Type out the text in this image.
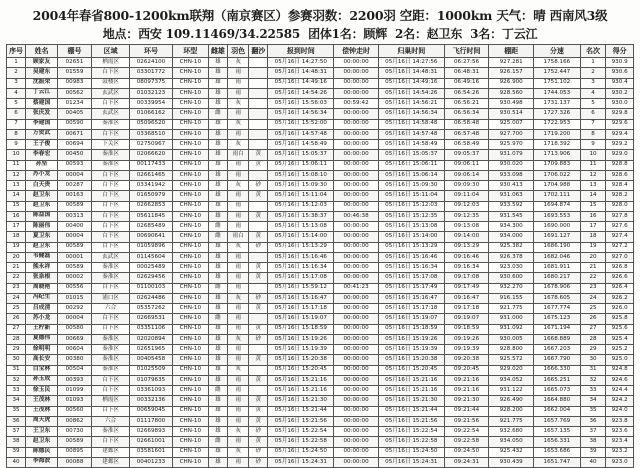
2004年春省800-1200km联翔（南京赛区）参赛羽数：2200羽 空距：1000km 天气：晴 西南风3级
地点：西安 109.11469/34.22585 团体1名：顾辉 2名：赵卫东 3名：丁云江
序号	姓名	棚号	区域	环号	环型	雌雄	羽色	翻沙	报到时间	偿钟走时	归巢时间	飞行时间	棚距	分速	名次	得分
1	顾家友	02651	栖霞区	02624100	CHN-10	雄	灰		05月16日 14:27:50	00:00:00	05月16日 14:27:56	06:27:56	927.281	1758.166	1	930.9
2	吴建东	01559	白下区	03301772	CHN-10	雄	雨		05月16日 14:48:31	00:00:00	05月16日 14:48:31	06:48:31	926.157	1752.447	2	930.6
3	沈振荣	00983	鼓楼区	08097375	CHN-10	雄	雨		05月16日 14:49:16	00:00:00	05月16日 14:49:16	06:49:16	926.900	1751.102	3	930.4
4	丁云江	00562	玄武区	01032123	CHN-10	雄	雨		05月16日 14:54:26	00:00:00	05月16日 14:54:26	06:54:26	928.560	1744.053	4	930.2
5	蔡建国	01234	白下区	00339954	CHN-10	雄	灰		05月16日 15:56:03	00:59:42	05月16日 14:56:21	06:56:21	930.498	1731.137	5	930.0
6	张庆发	00405	玄武区	01066162	CHN-10	雌	雨		05月16日 14:56:34	00:00:00	05月16日 14:56:34	06:56:34	930.514	1727.326	6	929.8
7	李建国	00590	秦淮区	05096520	CHN-10	雄	灰		05月16日 15:52:00	00:00:00	05月16日 14:58:48	06:58:48	925.007	1722.953	7	929.6
8	万贺武	00671	白下区	03368510	CHN-10	雄	雨		05月16日 14:57:48	00:00:00	05月16日 14:57:48	06:57:48	927.700	1719.200	8	929.4
9	王子俊	00694	下关区	02750967	CHN-10	雄	灰		05月16日 14:58:49	00:00:00	05月16日 14:58:49	06:58:49	925.970	1718.392	9	929.2
10	李春宏	00450	秦淮区	02066620	CHN-10	雄	雨白	黄	05月16日 15:05:37	00:00:00	05月16日 15:05:37	09:05:37	931.079	1713.906	10	929.0
11	孙坚	00593	秦淮区	00117433	CHN-10	雄	雨	黄	05月16日 15:06:11	00:00:00	05月16日 15:06:11	09:06:11	930.020	1709.883	11	928.8
12	苏小龙	00004	白下区	02661465	CHN-10	雄	雨		05月16日 15:08:10	00:00:00	05月16日 15:06:14	09:06:14	933.098	1706.022	12	928.6
13	白天贵	00287	白下区	03341942	CHN-10	雄	灰	砂	05月16日 15:09:30	00:00:00	05月16日 15:09:30	09:09:30	930.413	1704.988	13	928.4
14	赵卫东	00163	白下区	01650979	CHN-10	雄	雨	黄	05月16日 15:11:04	00:00:00	05月16日 15:11:04	09:11:04	931.063	1702.111	14	928.2
15	赵卫东	00589	白下区	02662853	CHN-10	雄	雨		05月16日 15:12:03	00:00:00	05月16日 15:12:03	09:12:03	933.592	1694.874	15	928.0
16	陈益国	00313	白下区	05611845	CHN-10	雄	雨	黄	05月16日 15:38:37	00:46:38	05月16日 15:12:35	09:12:35	931.545	1693.553	16	927.8
17	陈丽伟	00400	白下区	02685489	CHN-10	雌	雨		05月16日 15:13:08	00:00:00	05月16日 15:13:08	09:13:08	934.300	1690.000	17	927.6
18	夏卫东	00004	白下区	00690641	CHN-10	雌	雨白	黄	05月16日 15:14:00	00:00:00	05月16日 15:14:00	09:14:00	934.000	1691.127	18	927.4
19	赵卫东	00589	白下区	01059896	CHN-10	雄	灰	砂	05月16日 15:13:29	00:00:00	05月16日 15:13:29	09:13:29	925.382	1686.190	19	927.2
20	韦健磊	00001	玄武区	01145604	CHN-10	雄	雨		05月16日 15:16:46	00:00:00	05月16日 15:16:46	09:16:46	926.378	1682.046	20	927.0
21	熊永祥	00589	秦淮区	00025489	CHN-10	雄	雨	黄	05月16日 15:16:34	00:00:00	05月16日 15:16:34	09:16:34	923.030	1681.911	21	926.8
22	张泉根	00002	秦淮区	02629456	CHN-10	雄	雨	黄	05月16日 15:17:08	00:00:00	05月16日 15:17:08	09:17:08	930.600	1680.217	22	926.6
23	周晓艳	00556	白下区	01100103	CHN-10	雌	雨		05月16日 15:59:12	00:41:23	05月16日 15:17:49	09:17:49	932.270	1678.906	23	926.4
24	冯纪生	01015	浦口区	02624486	CHN-10	雄	灰	砂	05月16日 15:16:47	00:00:00	05月16日 15:16:47	09:16:47	916.155	1678.605	24	926.2
25	吕成清	00292	六合	05357262	CHN-10	雄	雨	黄	05月16日 15:17:18	00:00:00	05月16日 15:17:18	09:17:18	921.775	1677.774	25	926.0
26	苏小龙	00004	白下区	02669531	CHN-10	雌	雨		05月16日 15:19:07	00:00:00	05月16日 15:19:07	09:19:07	931.000	1675.123	26	925.8
27	王柠新	00580	白下区	03351106	CHN-10	雄	雨	黄	05月16日 15:18:59	00:00:00	05月16日 15:18:59	09:18:59	931.092	1671.194	27	925.6
28	夏德伟	00669	秦淮区	02020894	CHN-10	雄	灰	砂	05月16日 15:19:26	00:00:00	05月16日 15:19:26	09:19:26	930.005	1668.889	28	925.4
29	徐明明	00604	秦淮区	02651965	CHN-10	雄	雨		05月16日 15:19:39	00:00:00	05月16日 15:19:39	09:19:39	928.800	1667.203	29	925.2
30	高长安	00380	秦淮区	00405458	CHN-10	雄	雨	黄	05月16日 15:20:38	00:00:00	05月16日 15:20:38	09:20:38	925.572	1667.790	30	925.0
31	白宝林	00504	秦淮区	01025509	CHN-10	雄	灰		05月16日 15:20:45	00:00:00	05月16日 15:20:45	09:20:45	929.020	1666.330	31	924.8
32	孙玉成	00393	白下区	01079635	CHN-10	雄	雨	黄	05月16日 15:21:16	00:00:00	05月16日 15:21:16	09:21:16	934.052	1665.251	32	924.6
33	徐玉民	01099	白下区	03361093	CHN-10	雌	雨		05月16日 15:21:16	00:00:00	05月16日 15:21:16	09:21:16	931.122	1665.073	33	924.4
34	王茂林	01093	栖霞区	00332136	CHN-10	雄	雨	黄	05月16日 15:21:30	00:00:00	05月16日 15:21:30	09:21:30	926.490	1664.880	34	924.2
35	王茂林	00560	白下区	00659045	CHN-10	雄	雨	黄	05月16日 15:21:44	00:00:00	05月16日 15:21:44	09:21:44	928.200	1662.004	35	924.0
36	周天虎	00862	六合	01117800	CHN-10	雄	雨	黄	05月16日 15:21:56	00:00:00	05月16日 15:21:56	09:21:56	921.775	1657.769	36	923.8
37	王卫东	00730	秦淮区	02669893	CHN-10	雄	灰	砂	05月16日 15:22:54	00:00:00	05月16日 15:22:54	09:22:54	932.680	1657.135	37	923.6
38	赵卫东	00589	白下区	02661001	CHN-10	雌	雨	黄	05月16日 15:22:58	00:00:00	05月16日 15:22:58	09:22:58	934.050	1656.331	38	923.4
39	陈德民	00895	建邺区	03581601	CHN-10	雄	灰	砂	05月16日 15:24:50	00:00:00	05月16日 15:24:50	09:24:50	925.432	1653.686	39	923.2
40	李海波	00088	建邺区	00401233	CHN-10	雄	雨	砂	05月16日 15:24:31	00:00:00	05月16日 15:24:31	09:24:31	930.439	1651.747	40	923.0
